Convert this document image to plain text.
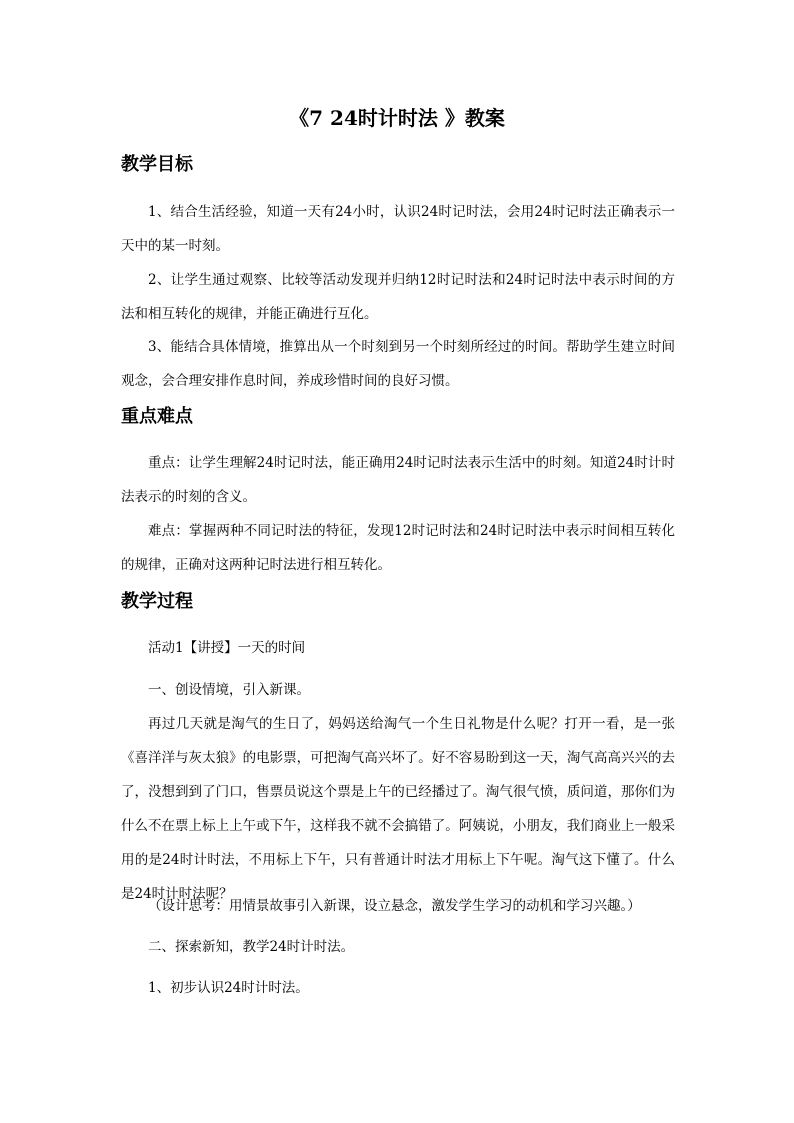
《7 24时计时法 》教案
教学目标
1、结合生活经验，知道一天有24小时，认识24时记时法，会用24时记时法正确表示一天中的某一时刻。
2、让学生通过观察、比较等活动发现并归纳12时记时法和24时记时法中表示时间的方法和相互转化的规律，并能正确进行互化。
3、能结合具体情境，推算出从一个时刻到另一个时刻所经过的时间。帮助学生建立时间观念，会合理安排作息时间，养成珍惜时间的良好习惯。
重点难点
重点：让学生理解24时记时法，能正确用24时记时法表示生活中的时刻。知道24时计时法表示的时刻的含义。
难点：掌握两种不同记时法的特征，发现12时记时法和24时记时法中表示时间相互转化的规律，正确对这两种记时法进行相互转化。
教学过程
活动1【讲授】一天的时间
一、创设情境，引入新课。
再过几天就是淘气的生日了，妈妈送给淘气一个生日礼物是什么呢？打开一看，是一张《喜洋洋与灰太狼》的电影票，可把淘气高兴坏了。好不容易盼到这一天，淘气高高兴兴的去了，没想到到了门口，售票员说这个票是上午的已经播过了。淘气很气愤，质问道，那你们为什么不在票上标上上午或下午，这样我不就不会搞错了。阿姨说，小朋友，我们商业上一般采用的是24时计时法，不用标上下午，只有普通计时法才用标上下午呢。淘气这下懂了。什么是24时计时法呢？
（设计思考：用情景故事引入新课，设立悬念，激发学生学习的动机和学习兴趣。）
二、探索新知，教学24时计时法。
1、初步认识24时计时法。
